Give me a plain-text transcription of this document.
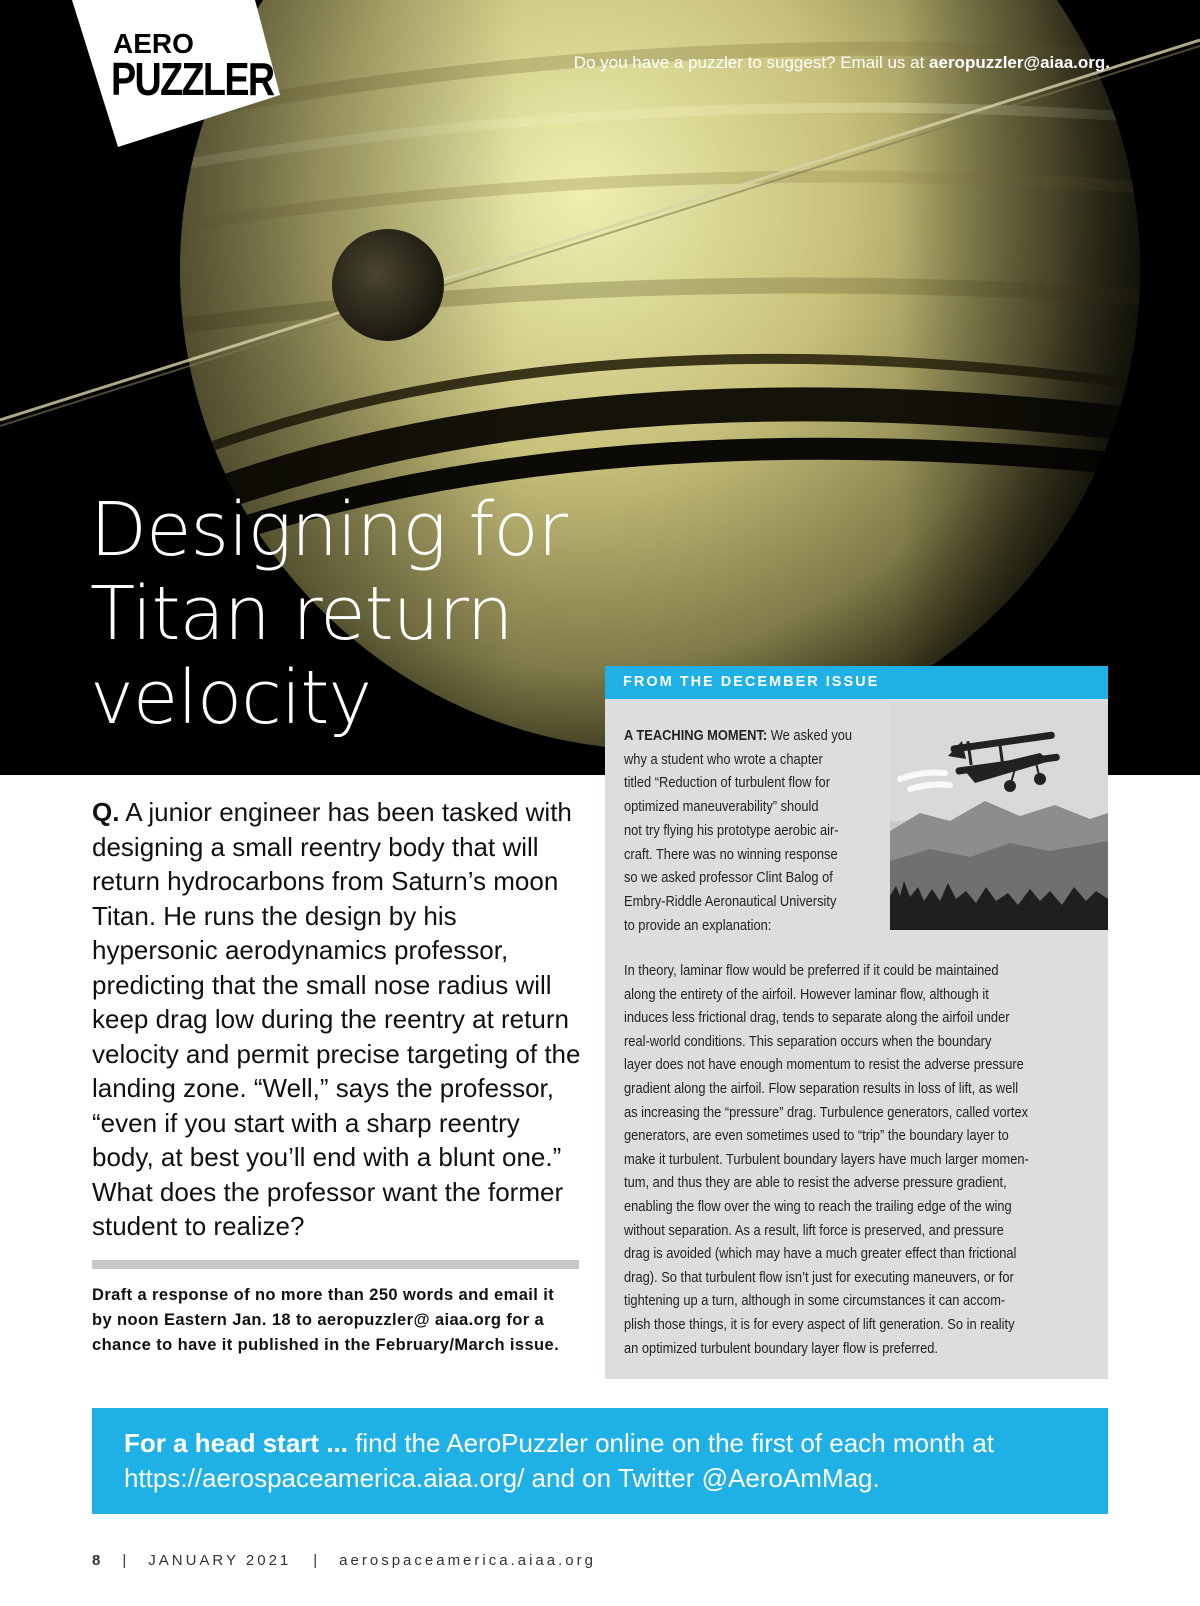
AERO
PUZZLER	Do you have a puzzler to suggest? Email us at aeropuzzler@aiaa.org.
Designing for
Titan return
velocity
Q. A junior engineer has been tasked with designing a small reentry body that will return hydrocarbons from Saturn’s moon Titan. He runs the design by his hypersonic aerodynamics professor, predicting that the small nose radius will keep drag low during the reentry at return velocity and permit precise targeting of the landing zone. “Well,” says the professor, “even if you start with a sharp reentry body, at best you’ll end with a blunt one.” What does the professor want the former student to realize?
Draft a response of no more than 250 words and email it by noon Eastern Jan. 18 to aeropuzzler@ aiaa.org for a chance to have it published in the February/March issue.
FROM THE DECEMBER ISSUE
A TEACHING MOMENT: We asked you
why a student who wrote a chapter
titled “Reduction of turbulent flow for
optimized maneuverability” should
not try flying his prototype aerobic air-
craft. There was no winning response
so we asked professor Clint Balog of
Embry-Riddle Aeronautical University
to provide an explanation:
In theory, laminar flow would be preferred if it could be maintained
along the entirety of the airfoil. However laminar flow, although it
induces less frictional drag, tends to separate along the airfoil under
real-world conditions. This separation occurs when the boundary
layer does not have enough momentum to resist the adverse pressure
gradient along the airfoil. Flow separation results in loss of lift, as well
as increasing the “pressure” drag. Turbulence generators, called vortex
generators, are even sometimes used to “trip” the boundary layer to
make it turbulent. Turbulent boundary layers have much larger momen-
tum, and thus they are able to resist the adverse pressure gradient,
enabling the flow over the wing to reach the trailing edge of the wing
without separation. As a result, lift force is preserved, and pressure
drag is avoided (which may have a much greater effect than frictional
drag). So that turbulent flow isn’t just for executing maneuvers, or for
tightening up a turn, although in some circumstances it can accom-
plish those things, it is for every aspect of lift generation. So in reality
an optimized turbulent boundary layer flow is preferred.
For a head start ... find the AeroPuzzler online on the first of each month at https://aerospaceamerica.aiaa.org/ and on Twitter @AeroAmMag.
8 | JANUARY 2021 | aerospaceamerica.aiaa.org
